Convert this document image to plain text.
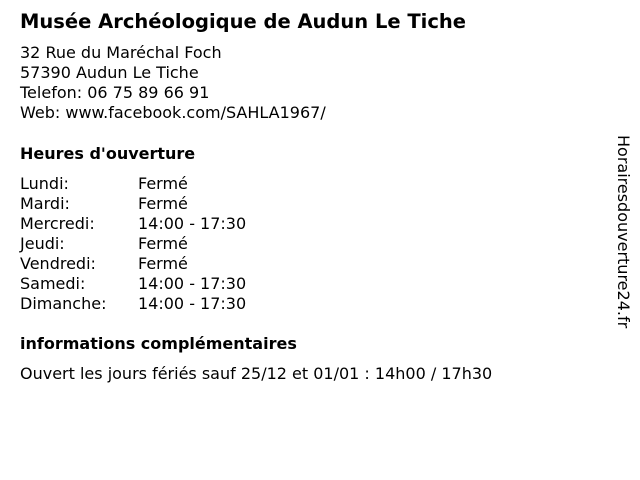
Musée Archéologique de Audun Le Tiche
32 Rue du Maréchal Foch
57390 Audun Le Tiche
Telefon: 06 75 89 66 91
Web: www.facebook.com/SAHLA1967/
Heures d'ouverture
Lundi:	Fermé
Mardi:	Fermé
Mercredi:	14:00 - 17:30
Jeudi:	Fermé
Vendredi:	Fermé
Samedi:	14:00 - 17:30
Dimanche:	14:00 - 17:30
informations complémentaires
Ouvert les jours fériés sauf 25/12 et 01/01 : 14h00 / 17h30
Horairesdouverture24.fr
